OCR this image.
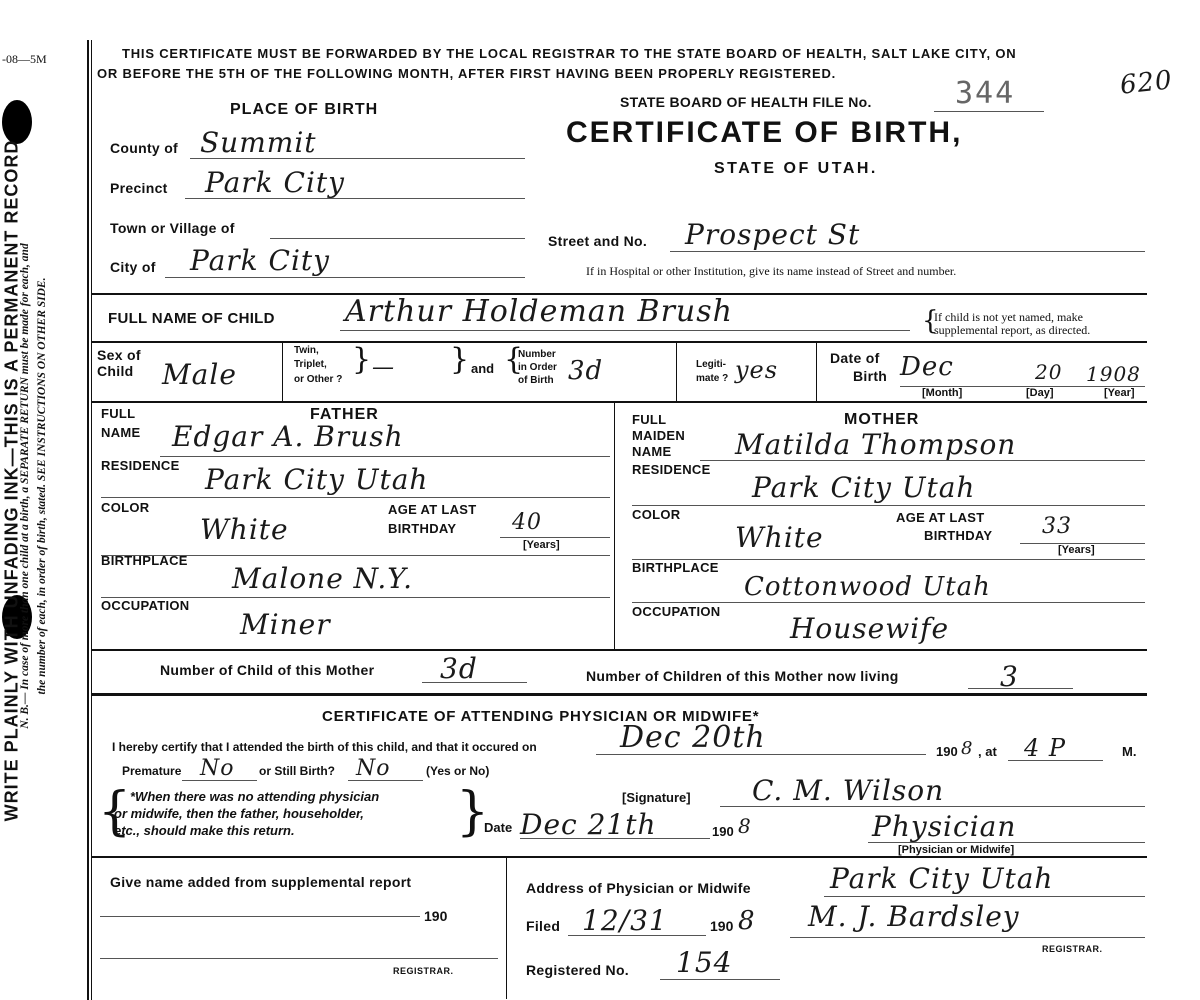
-08—5M
WRITE PLAINLY WITH UNFADING INK—THIS IS A PERMANENT RECORD
N. B.— In case of more than one child at a birth, a SEPARATE RETURN must be made for each, and the number of each, in order of birth, stated. SEE INSTRUCTIONS ON OTHER SIDE.
THIS CERTIFICATE MUST BE FORWARDED BY THE LOCAL REGISTRAR TO THE STATE BOARD OF HEALTH, SALT LAKE CITY, ON
OR BEFORE THE 5TH OF THE FOLLOWING MONTH, AFTER FIRST HAVING BEEN PROPERLY REGISTERED.	620
STATE BOARD OF HEALTH FILE No.	344
CERTIFICATE OF BIRTH,
STATE OF UTAH.
PLACE OF BIRTH
County of Summit
Precinct Park City
Town or Village of
City of Park City
Street and No. Prospect St
If in Hospital or other Institution, give its name instead of Street and number.
FULL NAME OF CHILD Arthur Holdeman Brush	{
If child is not yet named, make
supplemental report, as directed.
Sex of
Child Male
Twin,
Triplet,
or Other ?
} — } and {
Number
in Order
of Birth 3d	Legiti-
mate ? yes	Date of
Birth Dec	20 1908
[Month]	[Day]	[Year]
FULL
NAME
FATHER
Edgar A. Brush
RESIDENCE Park City Utah
COLOR
White
AGE AT LAST
BIRTHDAY	40
[Years]
BIRTHPLACE
Malone N.Y.
OCCUPATION
Miner
FULL
MAIDEN
NAME
MOTHER
Matilda Thompson
RESIDENCE
Park City Utah
COLOR
White
AGE AT LAST
BIRTHDAY 33
[Years]
BIRTHPLACE
Cottonwood Utah
OCCUPATION
Housewife
Number of Child of this Mother 3d	Number of Children of this Mother now living	3
CERTIFICATE OF ATTENDING PHYSICIAN OR MIDWIFE*
I hereby certify that I attended the birth of this child, and that it occured on	Dec 20th	190 8 , at 4 P	M.
Premature No or Still Birth? No	(Yes or No)
{
*When there was no attending physician
or midwife, then the father, householder,
etc., should make this return.	}	[Signature] C. M. Wilson
Date Dec 21th	190 8	Physician
[Physician or Midwife]
Give name added from supplemental report
190
REGISTRAR.
Address of Physician or Midwife	Park City Utah
Filed 12/31	190 8 M. J. Bardsley
REGISTRAR.
Registered No. 154
